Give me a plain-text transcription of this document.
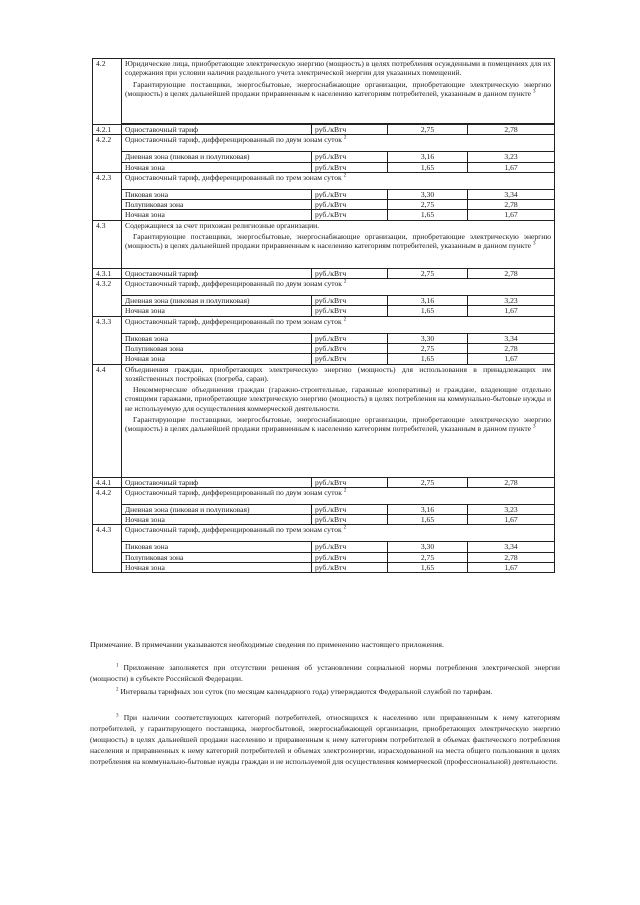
4.2	Юридические лица, приобретающие электрическую энергию (мощность) в целях потребления осужденными в помещениях для их содержания при условии наличия раздельного учета электрической энергии для указанных помещений.

Гарантирующие поставщики, энергосбытовые, энергоснабжающие организации, приобретающие электрическую энергию (мощность) в целях дальнейшей продажи приравненным к населению категориям потребителей, указанным в данном пункте $^3$

4.2.1	Одноставочный тариф	руб./кВтч	2,75	2,78
4.2.2	Одноставочный тариф, дифференцированный по двум зонам суток $^2$
	Дневная зона (пиковая и полупиковая)	руб./кВтч	3,16	3,23
	Ночная зона	руб./кВтч	1,65	1,67
4.2.3	Одноставочный тариф, дифференцированный по трем зонам суток $^2$
	Пиковая зона	руб./кВтч	3,30	3,34
	Полупиковая зона	руб./кВтч	2,75	2,78
	Ночная зона	руб./кВтч	1,65	1,67
4.3	Содержащиеся за счет прихожан религиозные организации.

Гарантирующие поставщики, энергосбытовые, энергоснабжающие организации, приобретающие электрическую энергию (мощность) в целях дальнейшей продажи приравненным к населению категориям потребителей, указанным в данном пункте $^3$

4.3.1	Одноставочный тариф	руб./кВтч	2,75	2,78
4.3.2	Одноставочный тариф, дифференцированный по двум зонам суток $^2$
	Дневная зона (пиковая и полупиковая)	руб./кВтч	3,16	3,23
	Ночная зона	руб./кВтч	1,65	1,67
4.3.3	Одноставочный тариф, дифференцированный по трем зонам суток $^2$
	Пиковая зона	руб./кВтч	3,30	3,34
	Полупиковая зона	руб./кВтч	2,75	2,78
	Ночная зона	руб./кВтч	1,65	1,67
4.4	Объединения граждан, приобретающих электрическую энергию (мощность) для использования в принадлежащих им хозяйственных постройках (погреба, сараи).

Некоммерческие объединения граждан (гаражно-строительные, гаражные кооперативы) и граждане, владеющие отдельно стоящими гаражами, приобретающие электрическую энергию (мощность) в целях потребления на коммунально-бытовые нужды и не используемую для осуществления коммерческой деятельности.

Гарантирующие поставщики, энергосбытовые, энергоснабжающие организации, приобретающие электрическую энергию (мощность) в целях дальнейшей продажи приравненным к населению категориям потребителей, указанным в данном пункте $^3$

4.4.1	Одноставочный тариф	руб./кВтч	2,75	2,78
4.4.2	Одноставочный тариф, дифференцированный по двум зонам суток $^2$
	Дневная зона (пиковая и полупиковая)	руб./кВтч	3,16	3,23
	Ночная зона	руб./кВтч	1,65	1,67
4.4.3	Одноставочный тариф, дифференцированный по трем зонам суток $^2$
	Пиковая зона	руб./кВтч	3,30	3,34
	Полупиковая зона	руб./кВтч	2,75	2,78
	Ночная зона	руб./кВтч	1,65	1,67

Примечание. В примечании указываются необходимые сведения по применению настоящего приложения.

$^1$ Приложение заполняется при отсутствии решения об установлении социальной нормы потребления электрической энергии (мощности) в субъекте Российской Федерации.

$^2$ Интервалы тарифных зон суток (по месяцам календарного года) утверждаются Федеральной службой по тарифам.

$^3$ При наличии соответствующих категорий потребителей, относящихся к населению или приравненным к нему категориям потребителей, у гарантирующего поставщика, энергосбытовой, энергоснабжающей организации, приобретающих электрическую энергию (мощность) в целях дальнейшей продажи населению и приравненным к нему категориям потребителей в объемах фактического потребления населения и приравненных к нему категорий потребителей и объемах электроэнергии, израсходованной на места общего пользования в целях потребления на коммунально-бытовые нужды граждан и не используемой для осуществления коммерческой (профессиональной) деятельности.
